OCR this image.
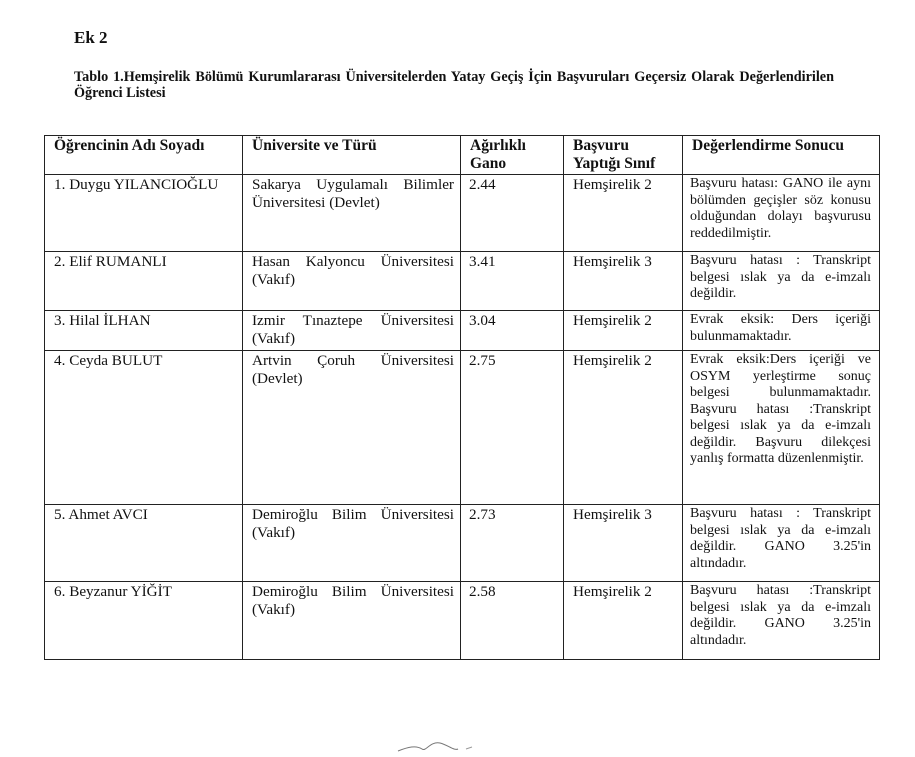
Ek 2
Tablo 1.Hemşirelik Bölümü Kurumlararası Üniversitelerden Yatay Geçiş İçin Başvuruları Geçersiz Olarak Değerlendirilen Öğrenci Listesi
Öğrencinin Adı Soyadı	Üniversite ve Türü	Ağırlıklı Gano	Başvuru Yaptığı Sınıf	Değerlendirme Sonucu
1. Duygu YILANCIOĞLU	Sakarya Uygulamalı Bilimler Üniversitesi (Devlet)	2.44	Hemşirelik 2	Başvuru hatası: GANO ile aynı bölümden geçişler söz konusu olduğundan dolayı başvurusu reddedilmiştir.
2. Elif RUMANLI	Hasan Kalyoncu Üniversitesi (Vakıf)	3.41	Hemşirelik 3	Başvuru hatası : Transkript belgesi ıslak ya da e-imzalı değildir.
3. Hilal İLHAN	Izmir Tınaztepe Üniversitesi (Vakıf)	3.04	Hemşirelik 2	Evrak eksik: Ders içeriği bulunmamaktadır.
4. Ceyda BULUT	Artvin Çoruh Üniversitesi (Devlet)	2.75	Hemşirelik 2	Evrak eksik:Ders içeriği ve OSYM yerleştirme sonuç belgesi bulunmamaktadır. Başvuru hatası :Transkript belgesi ıslak ya da e-imzalı değildir. Başvuru dilekçesi yanlış formatta düzenlenmiştir.
5. Ahmet AVCI	Demiroğlu Bilim Üniversitesi (Vakıf)	2.73	Hemşirelik 3	Başvuru hatası : Transkript belgesi ıslak ya da e-imzalı değildir. GANO 3.25'in altındadır.
6. Beyzanur YİĞİT	Demiroğlu Bilim Üniversitesi (Vakıf)	2.58	Hemşirelik 2	Başvuru hatası :Transkript belgesi ıslak ya da e-imzalı değildir. GANO 3.25'in altındadır.
